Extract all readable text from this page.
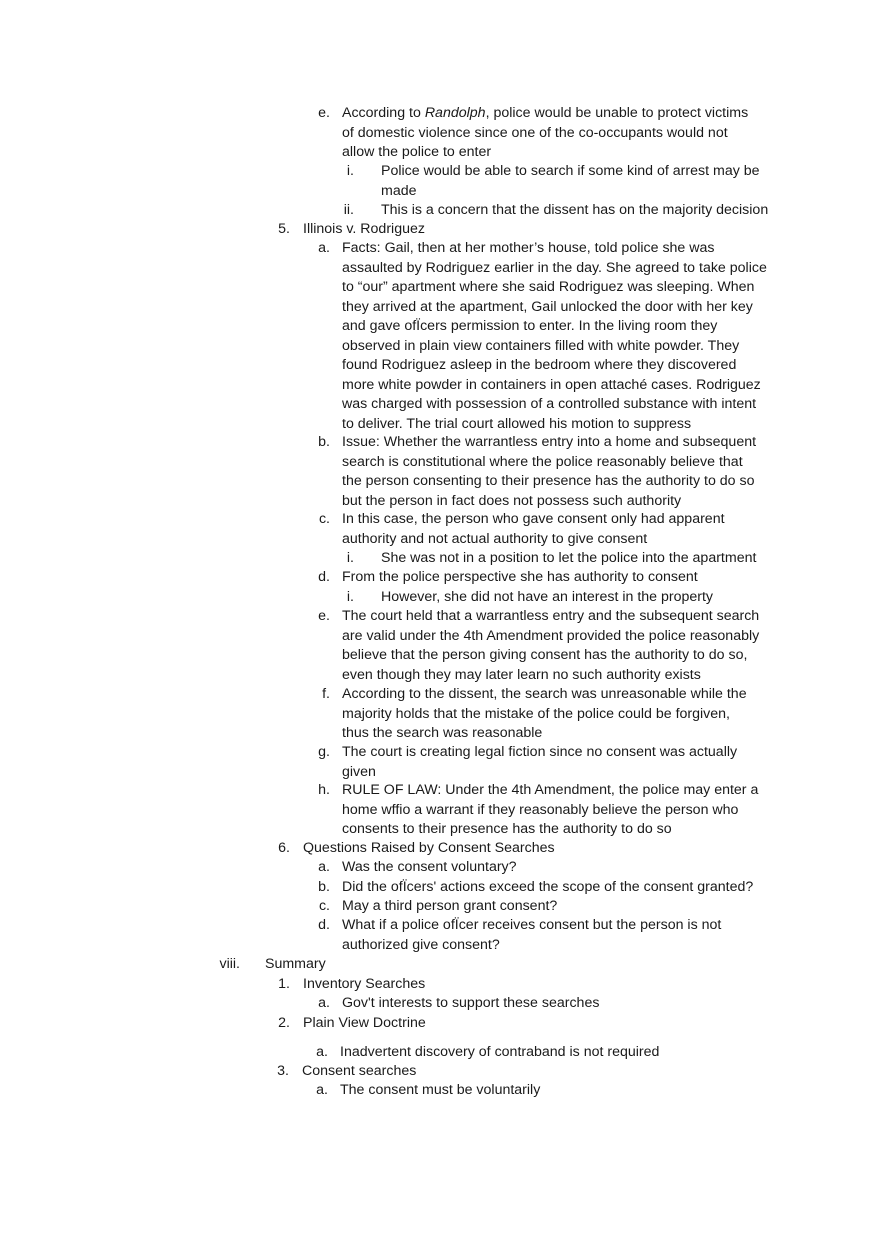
e. According to Randolph, police would be unable to protect victims

of domestic violence since one of the co-occupants would not

allow the police to enter

i. Police would be able to search if some kind of arrest may be

made

ii. This is a concern that the dissent has on the majority decision

5. Illinois v. Rodriguez

a. Facts: Gail, then at her mother’s house, told police she was

assaulted by Rodriguez earlier in the day. She agreed to take police

to “our” apartment where she said Rodriguez was sleeping. When

they arrived at the apartment, Gail unlocked the door with her key

and gave ofÏcers permission to enter. In the living room they

observed in plain view containers filled with white powder. They

found Rodriguez asleep in the bedroom where they discovered

more white powder in containers in open attaché cases. Rodriguez

was charged with possession of a controlled substance with intent

to deliver. The trial court allowed his motion to suppress

b. Issue: Whether the warrantless entry into a home and subsequent

search is constitutional where the police reasonably believe that

the person consenting to their presence has the authority to do so

but the person in fact does not possess such authority

c. In this case, the person who gave consent only had apparent

authority and not actual authority to give consent

i. She was not in a position to let the police into the apartment

d. From the police perspective she has authority to consent

i. However, she did not have an interest in the property

e. The court held that a warrantless entry and the subsequent search

are valid under the 4th Amendment provided the police reasonably

believe that the person giving consent has the authority to do so,

even though they may later learn no such authority exists

f. According to the dissent, the search was unreasonable while the

majority holds that the mistake of the police could be forgiven,

thus the search was reasonable

g. The court is creating legal fiction since no consent was actually

given

h. RULE OF LAW: Under the 4th Amendment, the police may enter a

home wffio a warrant if they reasonably believe the person who

consents to their presence has the authority to do so

6. Questions Raised by Consent Searches

a. Was the consent voluntary?

b. Did the ofÏcers' actions exceed the scope of the consent granted?

c. May a third person grant consent?

d. What if a police ofÏcer receives consent but the person is not

authorized give consent?

viii. Summary

1. Inventory Searches

a. Gov't interests to support these searches

2. Plain View Doctrine

a. Inadvertent discovery of contraband is not required

3. Consent searches

a. The consent must be voluntarily
